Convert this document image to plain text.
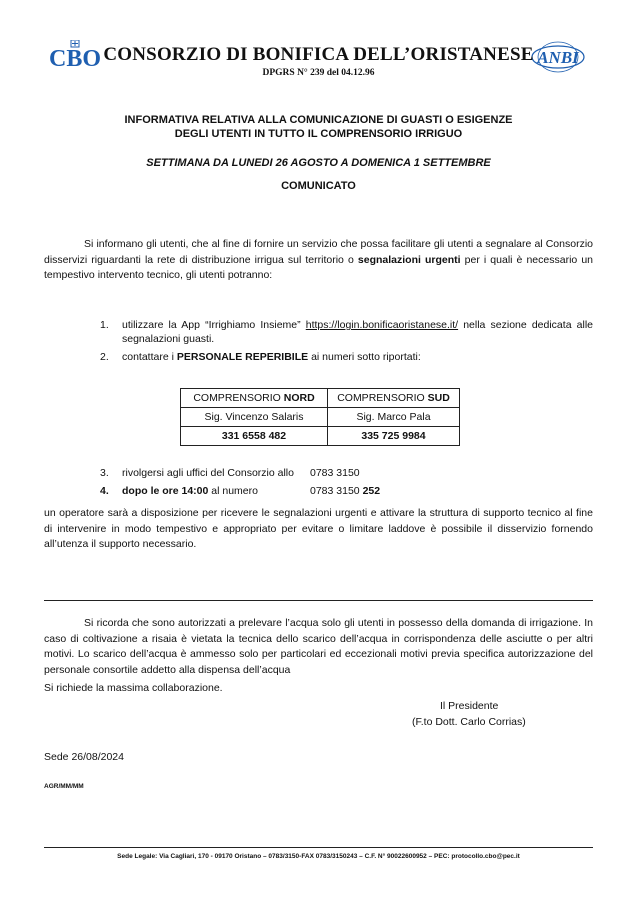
CBO	ANBI
CONSORZIO DI BONIFICA DELL’ORISTANESE
DPGRS N° 239 del 04.12.96
INFORMATIVA RELATIVA ALLA COMUNICAZIONE DI GUASTI O ESIGENZE
DEGLI UTENTI IN TUTTO IL COMPRENSORIO IRRIGUO
SETTIMANA DA LUNEDI 26 AGOSTO A DOMENICA 1 SETTEMBRE
COMUNICATO
Si informano gli utenti, che al fine di fornire un servizio che possa facilitare gli utenti a segnalare al Consorzio disservizi riguardanti la rete di distribuzione irrigua sul territorio o segnalazioni urgenti per i quali è necessario un tempestivo intervento tecnico, gli utenti potranno:
1.	utilizzare la App “Irrighiamo Insieme” https://login.bonificaoristanese.it/ nella sezione dedicata alle segnalazioni guasti.
2. contattare i PERSONALE REPERIBILE ai numeri sotto riportati:
COMPRENSORIO NORD	COMPRENSORIO SUD
Sig. Vincenzo Salaris	Sig. Marco Pala
331 6558 482	335 725 9984
3. rivolgersi agli uffici del Consorzio allo	0783 3150
4. dopo le ore 14:00 al numero	0783 3150 252
un operatore sarà a disposizione per ricevere le segnalazioni urgenti e attivare la struttura di supporto tecnico al fine di intervenire in modo tempestivo e appropriato per evitare o limitare laddove è possibile il disservizio fornendo all’utenza il supporto necessario.
Si ricorda che sono autorizzati a prelevare l’acqua solo gli utenti in possesso della domanda di irrigazione. In caso di coltivazione a risaia è vietata la tecnica dello scarico dell’acqua in corrispondenza delle asciutte o per altri motivi. Lo scarico dell’acqua è ammesso solo per particolari ed eccezionali motivi previa specifica autorizzazione del personale consortile addetto alla dispensa dell’acqua
Si richiede la massima collaborazione.
Il Presidente
(F.to Dott. Carlo Corrias)
Sede 26/08/2024
AGR/MM/MM
Sede Legale: Via Cagliari, 170 - 09170 Oristano – 0783/3150-FAX 0783/3150243 – C.F. N° 90022600952 – PEC: protocollo.cbo@pec.it
